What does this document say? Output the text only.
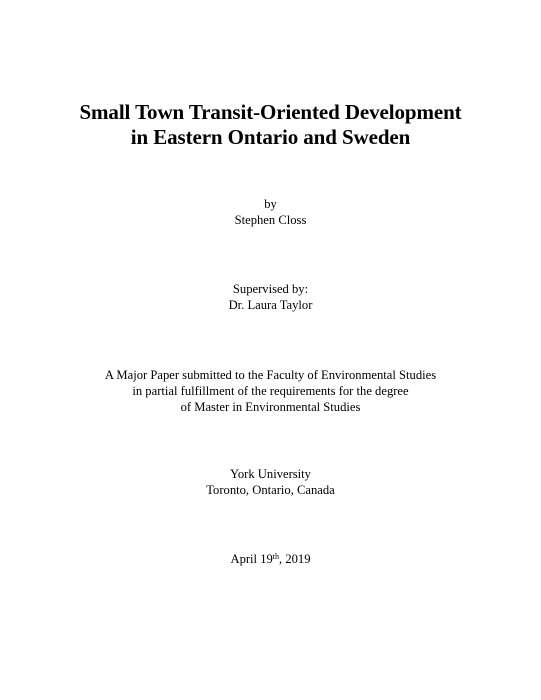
Small Town Transit-Oriented Development
in Eastern Ontario and Sweden
by
Stephen Closs
Supervised by:
Dr. Laura Taylor
A Major Paper submitted to the Faculty of Environmental Studies
in partial fulfillment of the requirements for the degree
of Master in Environmental Studies
York University
Toronto, Ontario, Canada
April 19th, 2019
